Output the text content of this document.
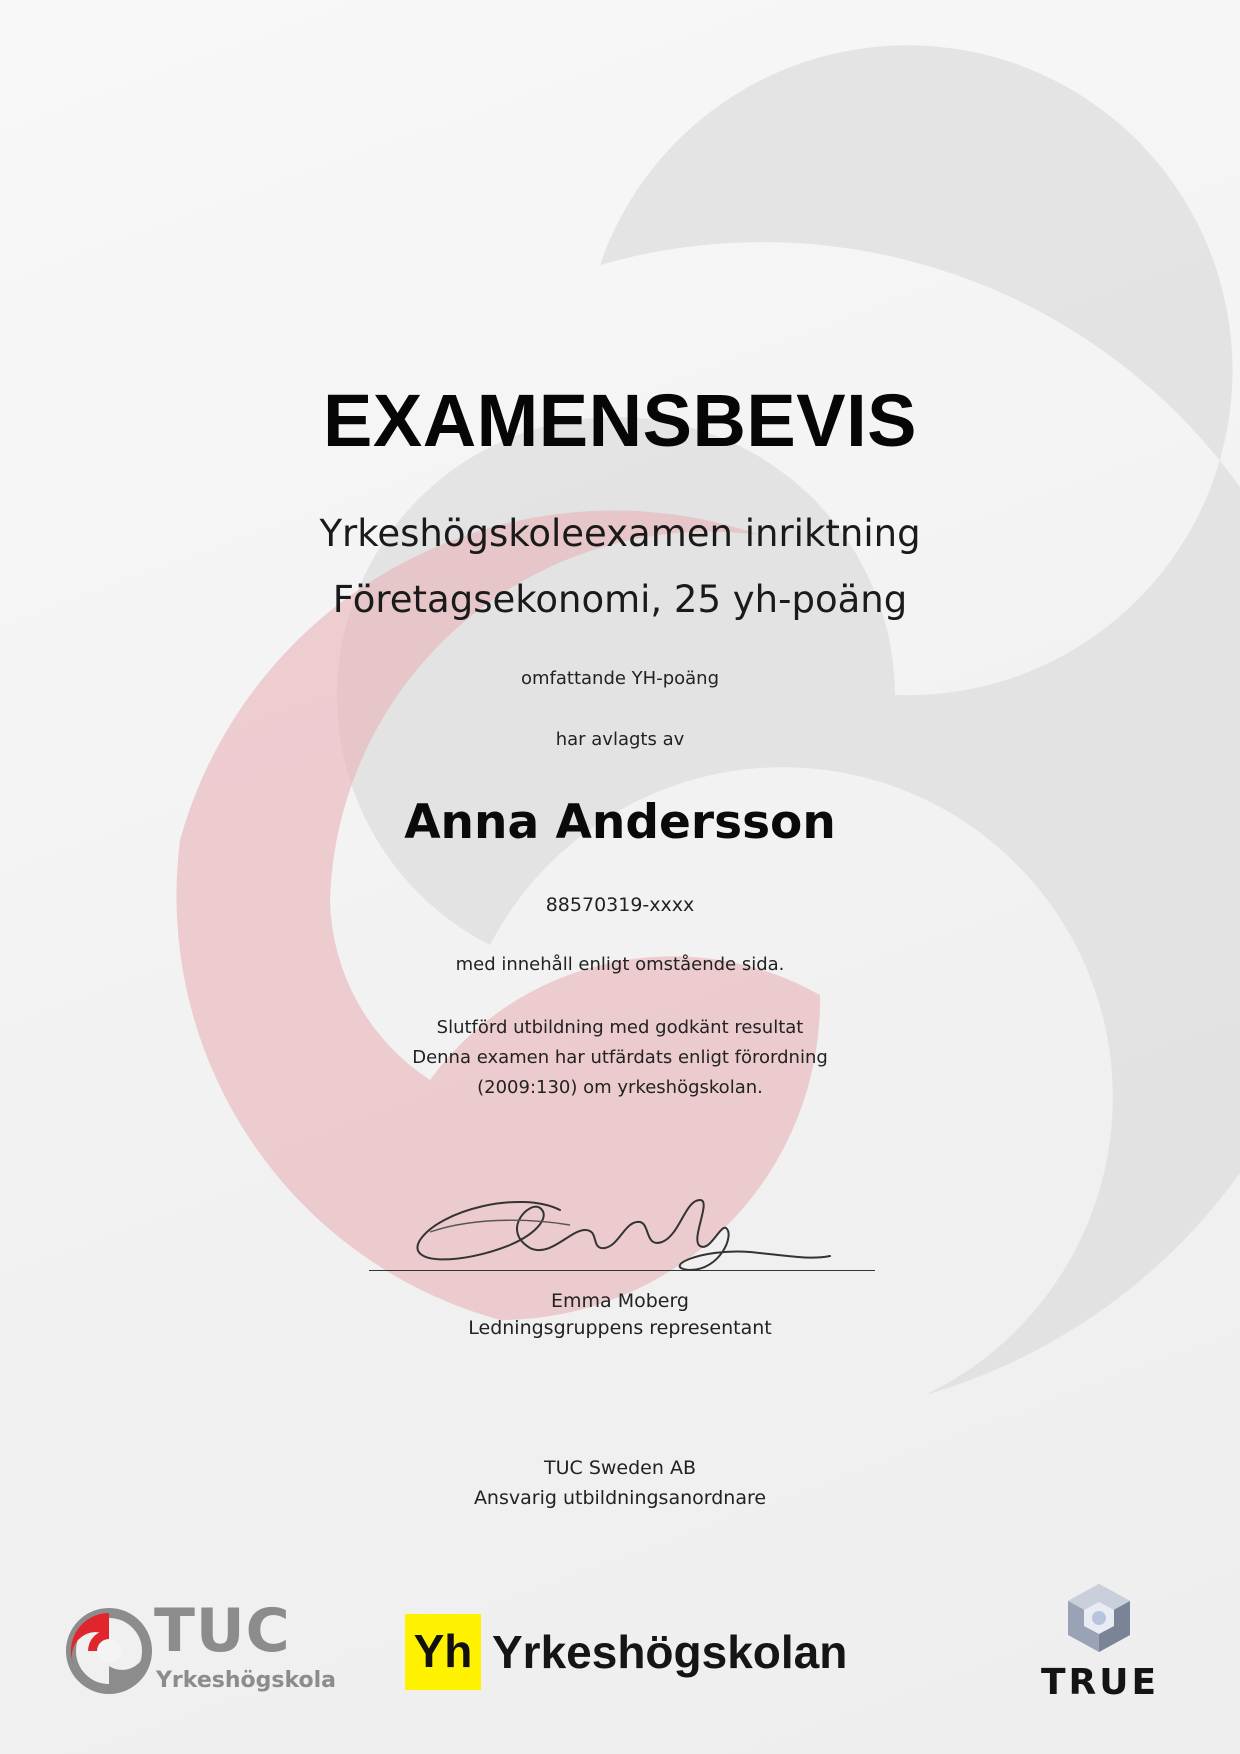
EXAMENSBEVIS
Yrkeshögskoleexamen inriktning
Företagsekonomi, 25 yh-poäng
omfattande YH-poäng
har avlagts av
Anna Andersson
88570319-xxxx
med innehåll enligt omstående sida.
Slutförd utbildning med godkänt resultat
Denna examen har utfärdats enligt förordning
(2009:130) om yrkeshögskolan.
Emma Moberg
Ledningsgruppens representant
TUC Sweden AB
Ansvarig utbildningsanordnare
TUC
Yrkeshögskola
Yh Yrkeshögskolan
TRUE
